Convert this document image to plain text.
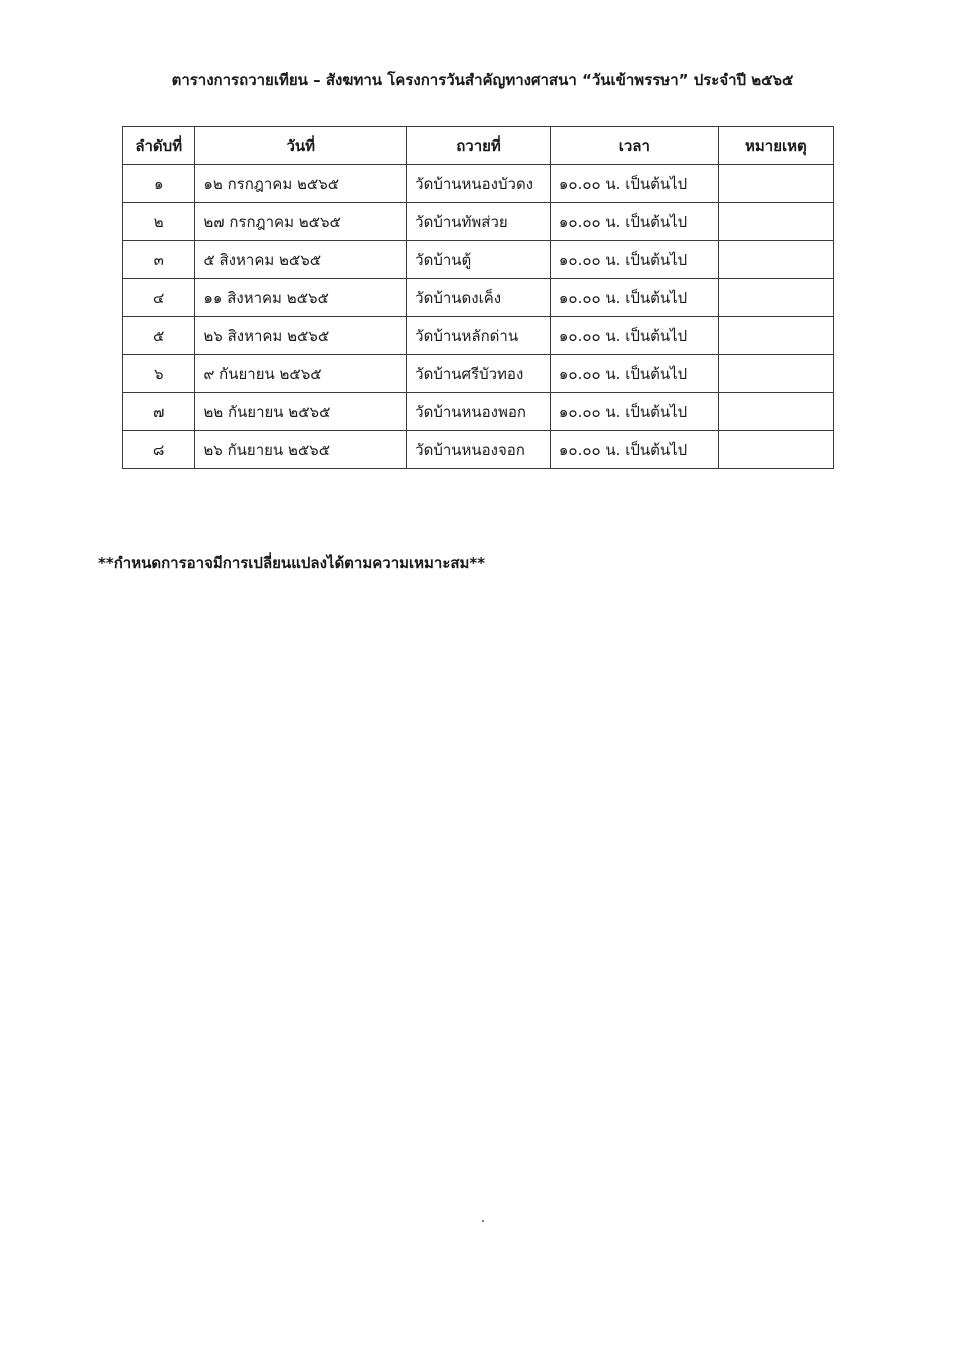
ตารางการถวายเทียน – สังฆทาน โครงการวันสำคัญทางศาสนา “วันเข้าพรรษา” ประจำปี ๒๕๖๕
ลำดับที่	วันที่	ถวายที่	เวลา	หมายเหตุ
๑	๑๒ กรกฎาคม ๒๕๖๕	วัดบ้านหนองบัวดง	๑๐.๐๐ น. เป็นต้นไป	
๒	๒๗ กรกฎาคม ๒๕๖๕	วัดบ้านทัพส่วย	๑๐.๐๐ น. เป็นต้นไป	
๓	๕ สิงหาคม ๒๕๖๕	วัดบ้านตู้	๑๐.๐๐ น. เป็นต้นไป	
๔	๑๑ สิงหาคม ๒๕๖๕	วัดบ้านดงเค็ง	๑๐.๐๐ น. เป็นต้นไป	
๕	๒๖ สิงหาคม ๒๕๖๕	วัดบ้านหลักด่าน	๑๐.๐๐ น. เป็นต้นไป	
๖	๙ กันยายน ๒๕๖๕	วัดบ้านศรีบัวทอง	๑๐.๐๐ น. เป็นต้นไป	
๗	๒๒ กันยายน ๒๕๖๕	วัดบ้านหนองพอก	๑๐.๐๐ น. เป็นต้นไป	
๘	๒๖ กันยายน ๒๕๖๕	วัดบ้านหนองจอก	๑๐.๐๐ น. เป็นต้นไป	
**กำหนดการอาจมีการเปลี่ยนแปลงได้ตามความเหมาะสม**
